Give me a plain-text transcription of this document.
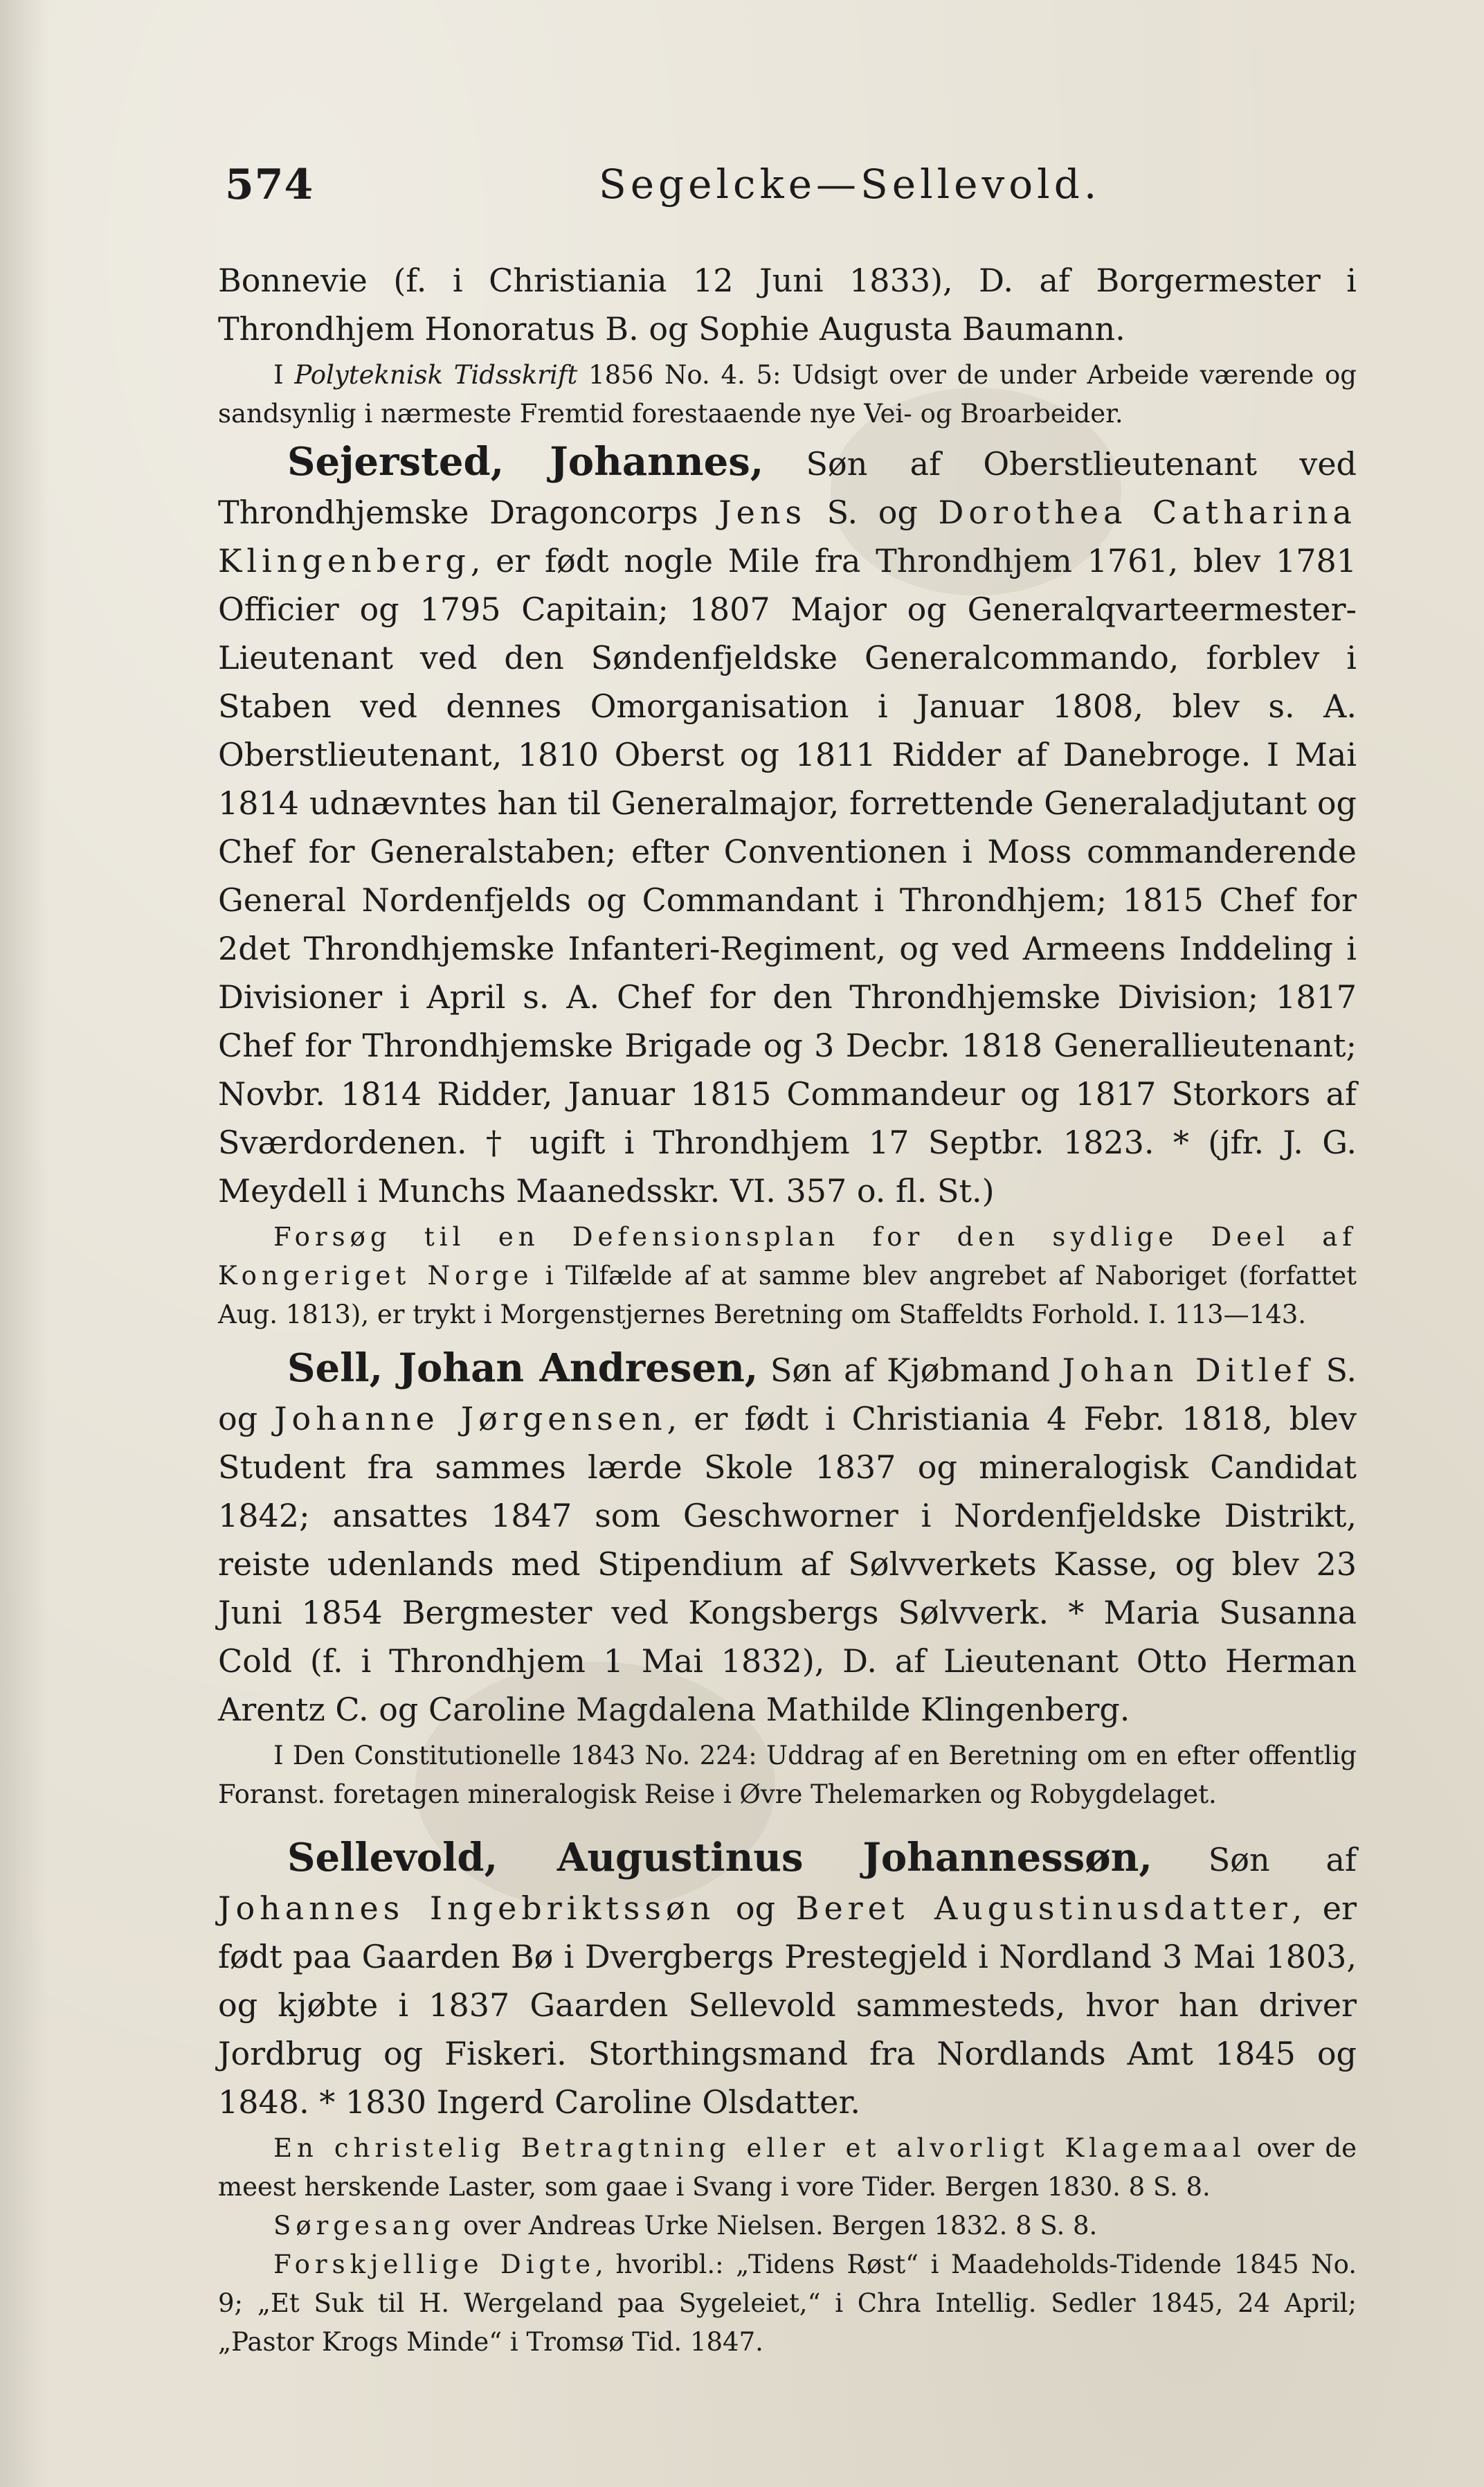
574	Segelcke—Sellevold.

Bonnevie (f. i Christiania 12 Juni 1833), D. af Borgermester i Throndhjem Honoratus B. og Sophie Augusta Baumann.

I Polyteknisk Tidsskrift 1856 No. 4. 5: Udsigt over de under Arbeide værende og sandsynlig i nærmeste Fremtid forestaaende nye Vei- og Broarbeider.

Sejersted, Johannes, Søn af Oberstlieutenant ved Throndhjemske Dragoncorps Jens S. og Dorothea Catharina Klingenberg, er født nogle Mile fra Throndhjem 1761, blev 1781 Officier og 1795 Capitain; 1807 Major og Generalqvarteermester-Lieutenant ved den Søndenfjeldske Generalcommando, forblev i Staben ved dennes Omorganisation i Januar 1808, blev s. A. Oberstlieutenant, 1810 Oberst og 1811 Ridder af Danebroge. I Mai 1814 udnævntes han til Generalmajor, forrettende Generaladjutant og Chef for Generalstaben; efter Conventionen i Moss commanderende General Nordenfjelds og Commandant i Throndhjem; 1815 Chef for 2det Throndhjemske Infanteri-Regiment, og ved Armeens Inddeling i Divisioner i April s. A. Chef for den Throndhjemske Division; 1817 Chef for Throndhjemske Brigade og 3 Decbr. 1818 Generallieutenant; Novbr. 1814 Ridder, Januar 1815 Commandeur og 1817 Storkors af Sværdordenen. † ugift i Throndhjem 17 Septbr. 1823. * (jfr. J. G. Meydell i Munchs Maanedsskr. VI. 357 o. fl. St.)

Forsøg til en Defensionsplan for den sydlige Deel af Kongeriget Norge i Tilfælde af at samme blev angrebet af Naboriget (forfattet Aug. 1813), er trykt i Morgenstjernes Beretning om Staffeldts Forhold. I. 113—143.

Sell, Johan Andresen, Søn af Kjøbmand Johan Ditlef S. og Johanne Jørgensen, er født i Christiania 4 Febr. 1818, blev Student fra sammes lærde Skole 1837 og mineralogisk Candidat 1842; ansattes 1847 som Geschworner i Nordenfjeldske Distrikt, reiste udenlands med Stipendium af Sølvverkets Kasse, og blev 23 Juni 1854 Bergmester ved Kongsbergs Sølvverk. * Maria Susanna Cold (f. i Throndhjem 1 Mai 1832), D. af Lieutenant Otto Herman Arentz C. og Caroline Magdalena Mathilde Klingenberg.

I Den Constitutionelle 1843 No. 224: Uddrag af en Beretning om en efter offentlig Foranst. foretagen mineralogisk Reise i Øvre Thelemarken og Robygdelaget.

Sellevold, Augustinus Johannessøn, Søn af Johannes Ingebriktssøn og Beret Augustinusdatter, er født paa Gaarden Bø i Dvergbergs Prestegjeld i Nordland 3 Mai 1803, og kjøbte i 1837 Gaarden Sellevold sammesteds, hvor han driver Jordbrug og Fiskeri. Storthingsmand fra Nordlands Amt 1845 og 1848. * 1830 Ingerd Caroline Olsdatter.

En christelig Betragtning eller et alvorligt Klagemaal over de meest herskende Laster, som gaae i Svang i vore Tider. Bergen 1830. 8 S. 8.

Sørgesang over Andreas Urke Nielsen. Bergen 1832. 8 S. 8.

Forskjellige Digte, hvoribl.: „Tidens Røst“ i Maadeholds-Tidende 1845 No. 9; „Et Suk til H. Wergeland paa Sygeleiet,“ i Chra Intellig. Sedler 1845, 24 April; „Pastor Krogs Minde“ i Tromsø Tid. 1847.
